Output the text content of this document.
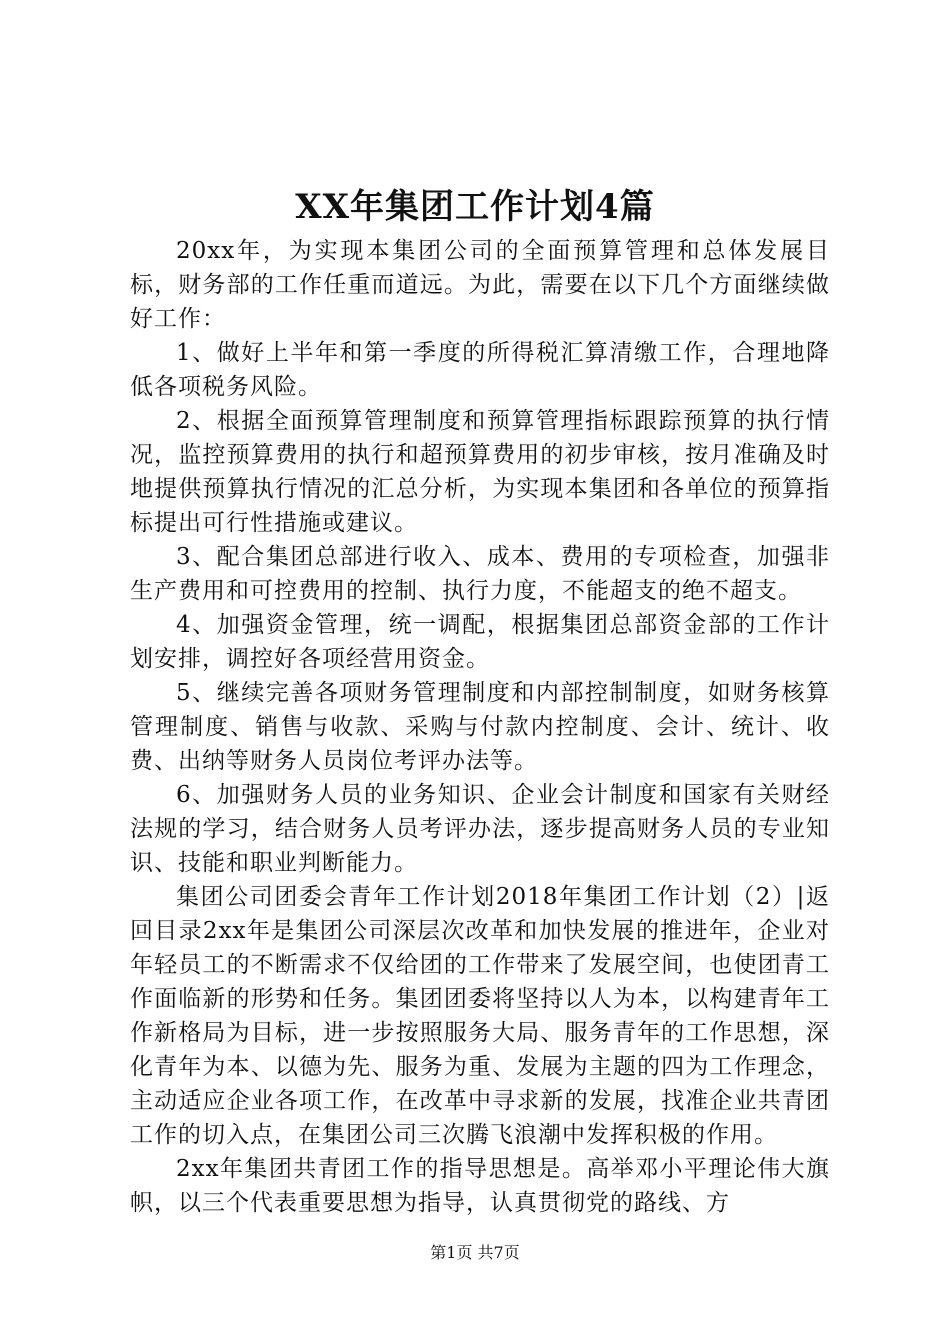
XX年集团工作计划4篇

20xx年，为实现本集团公司的全面预算管理和总体发展目标，财务部的工作任重而道远。为此，需要在以下几个方面继续做好工作：

1、做好上半年和第一季度的所得税汇算清缴工作，合理地降低各项税务风险。

2、根据全面预算管理制度和预算管理指标跟踪预算的执行情况，监控预算费用的执行和超预算费用的初步审核，按月准确及时地提供预算执行情况的汇总分析，为实现本集团和各单位的预算指标提出可行性措施或建议。

3、配合集团总部进行收入、成本、费用的专项检查，加强非生产费用和可控费用的控制、执行力度，不能超支的绝不超支。

4、加强资金管理，统一调配，根据集团总部资金部的工作计划安排，调控好各项经营用资金。

5、继续完善各项财务管理制度和内部控制制度，如财务核算管理制度、销售与收款、采购与付款内控制度、会计、统计、收费、出纳等财务人员岗位考评办法等。

6、加强财务人员的业务知识、企业会计制度和国家有关财经法规的学习，结合财务人员考评办法，逐步提高财务人员的专业知识、技能和职业判断能力。

集团公司团委会青年工作计划2018年集团工作计划（2）|返回目录2xx年是集团公司深层次改革和加快发展的推进年，企业对年轻员工的不断需求不仅给团的工作带来了发展空间，也使团青工作面临新的形势和任务。集团团委将坚持以人为本，以构建青年工作新格局为目标，进一步按照服务大局、服务青年的工作思想，深化青年为本、以德为先、服务为重、发展为主题的四为工作理念，主动适应企业各项工作，在改革中寻求新的发展，找准企业共青团工作的切入点，在集团公司三次腾飞浪潮中发挥积极的作用。

2xx年集团共青团工作的指导思想是。高举邓小平理论伟大旗帜，以三个代表重要思想为指导，认真贯彻党的路线、方

第1页 共7页
